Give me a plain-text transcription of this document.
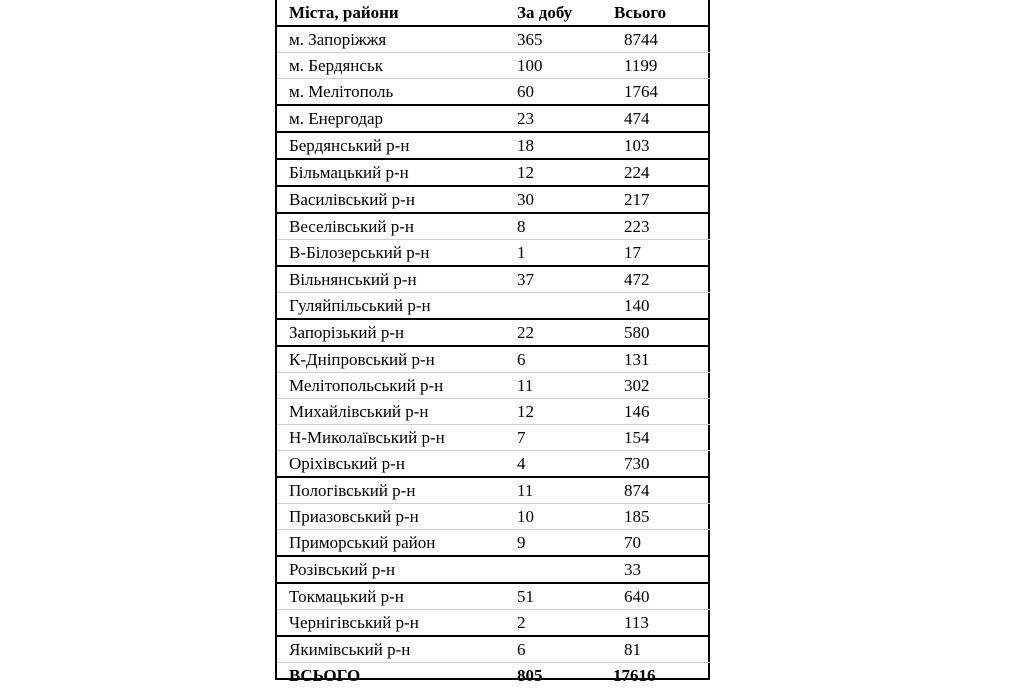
Міста, райони	За добу	Всього
м. Запоріжжя	365	8744
м. Бердянськ	100	1199
м. Мелітополь	60	1764
м. Енергодар	23	474
Бердянський р-н	18	103
Більмацький р-н	12	224
Василівський р-н	30	217
Веселівський р-н	8	223
В-Білозерський р-н	1	17
Вільнянський р-н	37	472
Гуляйпільський р-н		140
Запорізький р-н	22	580
К-Дніпровський р-н	6	131
Мелітопольський р-н	11	302
Михайлівський р-н	12	146
Н-Миколаївський р-н	7	154
Оріхівський р-н	4	730
Пологівський р-н	11	874
Приазовський р-н	10	185
Приморський район	9	70
Розівський р-н		33
Токмацький р-н	51	640
Чернігівський р-н	2	113
Якимівський р-н	6	81
ВСЬОГО	805	17616
